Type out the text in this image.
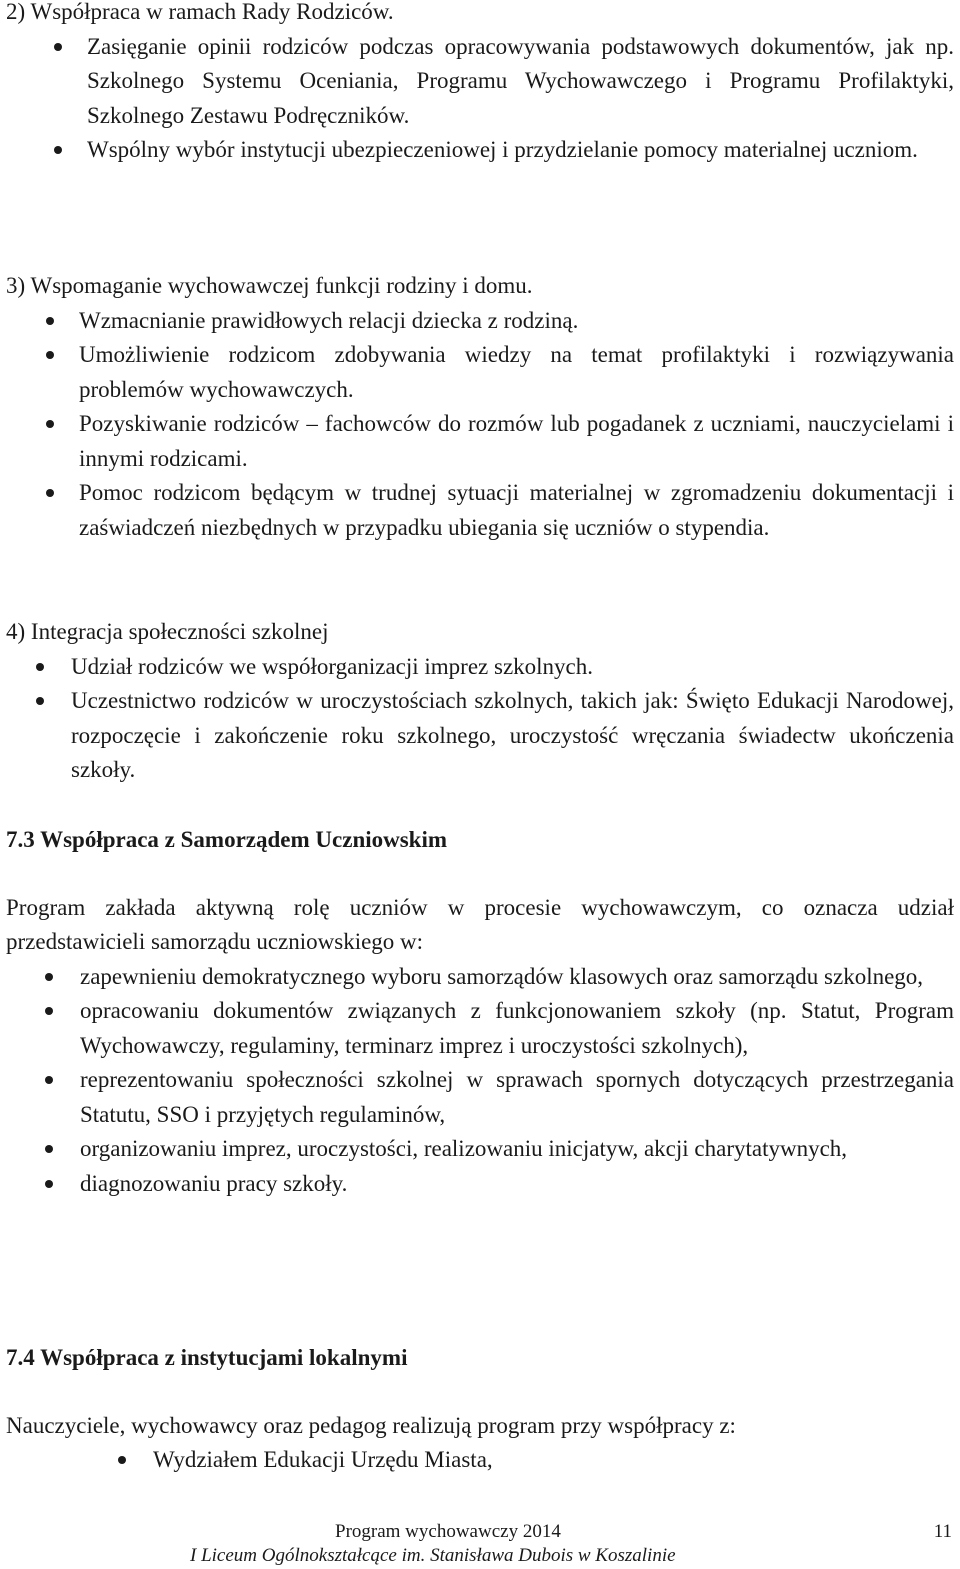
2) Współpraca w ramach Rady Rodziców.

Zasięganie opinii rodziców podczas opracowywania podstawowych dokumentów, jak np. Szkolnego Systemu Oceniania, Programu Wychowawczego i Programu Profilaktyki, Szkolnego Zestawu Podręczników.

Wspólny wybór instytucji ubezpieczeniowej i przydzielanie pomocy materialnej uczniom.

3) Wspomaganie wychowawczej funkcji rodziny i domu.

Wzmacnianie prawidłowych relacji dziecka z rodziną.

Umożliwienie rodzicom zdobywania wiedzy na temat profilaktyki i rozwiązywania problemów wychowawczych.

Pozyskiwanie rodziców – fachowców do rozmów lub pogadanek z uczniami, nauczycielami i innymi rodzicami.

Pomoc rodzicom będącym w trudnej sytuacji materialnej w zgromadzeniu dokumentacji i zaświadczeń niezbędnych w przypadku ubiegania się uczniów o stypendia.

4) Integracja społeczności szkolnej

Udział rodziców we współorganizacji imprez szkolnych.

Uczestnictwo rodziców w uroczystościach szkolnych, takich jak: Święto Edukacji Narodowej, rozpoczęcie i zakończenie roku szkolnego, uroczystość wręczania świadectw ukończenia szkoły.

7.3 Współpraca z Samorządem Uczniowskim

Program zakłada aktywną rolę uczniów w procesie wychowawczym, co oznacza udział przedstawicieli samorządu uczniowskiego w:

zapewnieniu demokratycznego wyboru samorządów klasowych oraz samorządu szkolnego,

opracowaniu dokumentów związanych z funkcjonowaniem szkoły (np. Statut, Program Wychowawczy, regulaminy, terminarz imprez i uroczystości szkolnych),

reprezentowaniu społeczności szkolnej w sprawach spornych dotyczących przestrzegania Statutu, SSO i przyjętych regulaminów,

organizowaniu imprez, uroczystości, realizowaniu inicjatyw, akcji charytatywnych,

diagnozowaniu pracy szkoły.

7.4 Współpraca z instytucjami lokalnymi

Nauczyciele, wychowawcy oraz pedagog realizują program przy współpracy z:

Wydziałem Edukacji Urzędu Miasta,

Program wychowawczy 2014	11
I Liceum Ogólnokształcące im. Stanisława Dubois w Koszalinie
